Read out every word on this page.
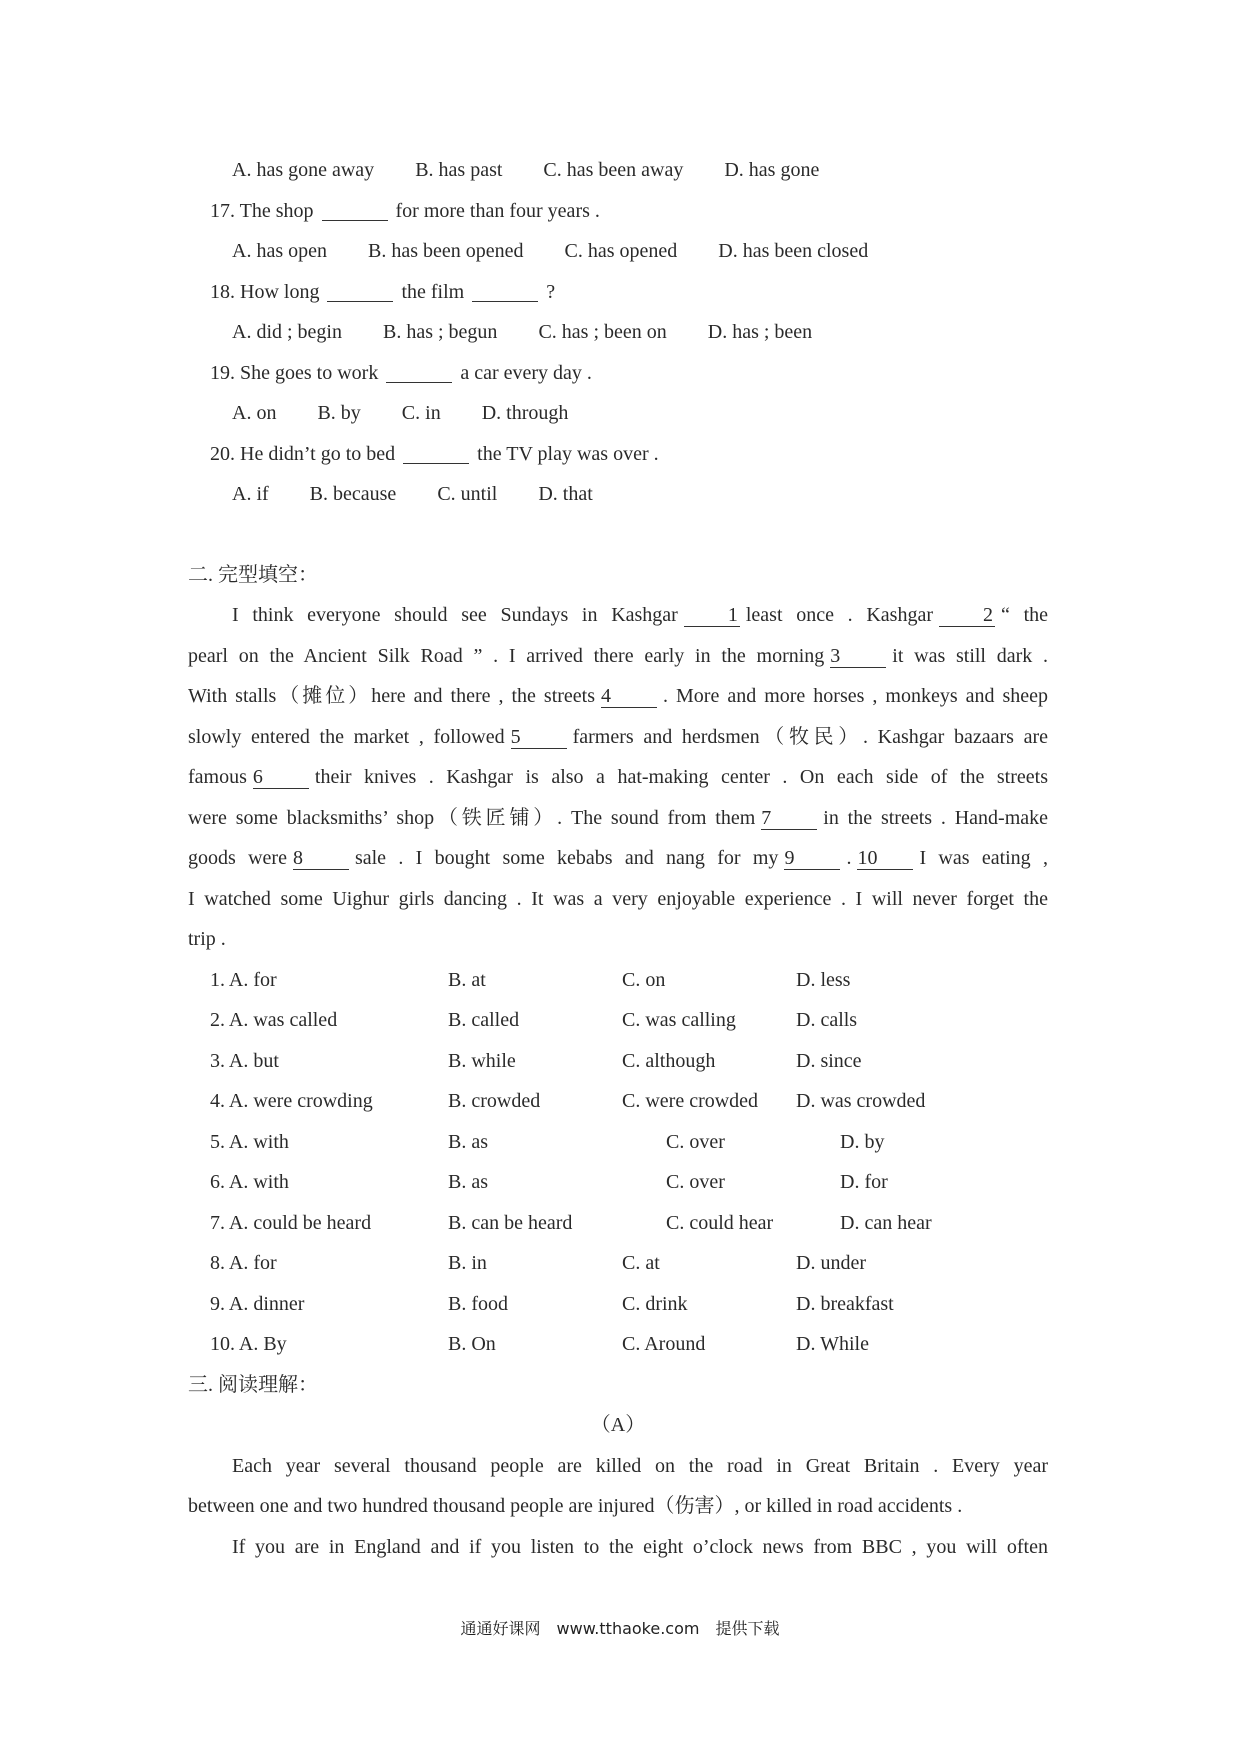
A. has gone away B. has past C. has been away D. has gone
17. The shop	for more than four years .
A. has open B. has been opened C. has opened D. has been closed
18. How long	the film	?
A. did ; begin B. has ; begun C. has ; been on D. has ; been
19. She goes to work	a car every day .
A. on B. by C. in D. through
20. He didn’t go to bed	the TV play was over .
A. if B. because C. until D. that
二. 完型填空：
I think everyone should see Sundays in Kashgar	1 least once . Kashgar	2 “ the
pearl on the Ancient Silk Road ” . I arrived there early in the morning 3	it was still dark .
With stalls（摊位）here and there , the streets 4	. More and more horses , monkeys and sheep
slowly entered the market , followed 5	farmers and herdsmen（牧民）. Kashgar bazaars are
famous 6	their knives . Kashgar is also a hat-making center . On each side of the streets
were some blacksmiths’ shop（铁匠铺）. The sound from them 7	in the streets . Hand-make
goods were 8	sale . I bought some kebabs and nang for my 9	. 10 I was eating ,
I watched some Uighur girls dancing . It was a very enjoyable experience . I will never forget the
trip .
1. A. for	B. at	C. on	D. less
2. A. was called	B. called	C. was calling	D. calls
3. A. but	B. while	C. although	D. since
4. A. were crowding	B. crowded	C. were crowded D. was crowded
5. A. with	B. as	C. over	D. by
6. A. with	B. as	C. over	D. for
7. A. could be heard	B. can be heard	C. could hear	D. can hear
8. A. for	B. in	C. at	D. under
9. A. dinner	B. food	C. drink	D. breakfast
10. A. By	B. On	C. Around	D. While
三. 阅读理解：
（A）
Each year several thousand people are killed on the road in Great Britain . Every year
between one and two hundred thousand people are injured（伤害）, or killed in road accidents .
If you are in England and if you listen to the eight o’clock news from BBC , you will often
通通好课网　www.tthaoke.com　提供下载
